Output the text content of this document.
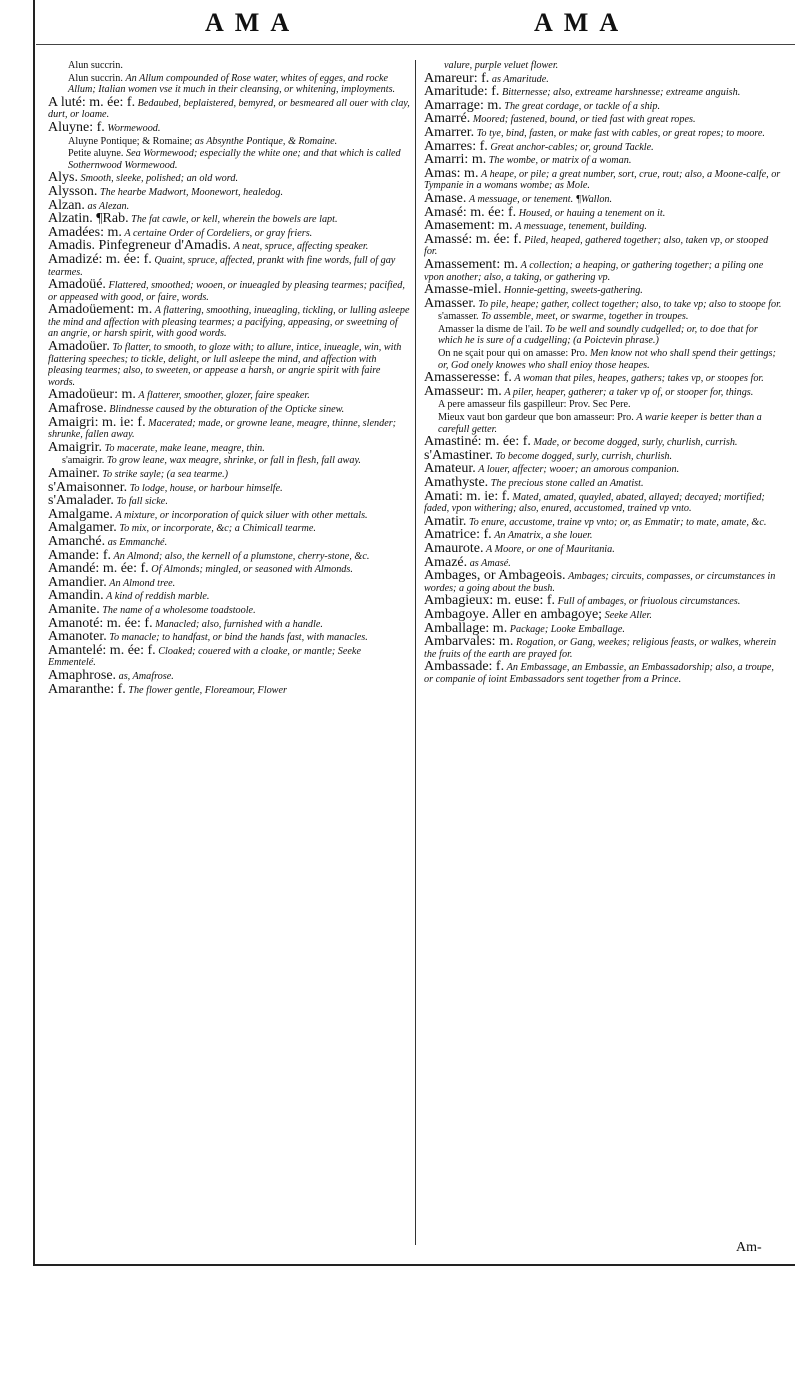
AMA	AMA
Alun succrin.
Alun succrin. An Allum compounded of Rose water, whites of egges, and rocke Allum; Italian women vse it much in their cleansing, or whitening, imployments.
A luté: m. ée: f. Bedaubed, beplaistered, bemyred, or besmeared all ouer with clay, durt, or loame.
Aluyne: f. Wormewood.
Aluyne Pontique; & Romaine; as Absynthe Pontique, & Romaine.
Petite aluyne. Sea Wormewood; especially the white one; and that which is called Sothernwood Wormewood.
Alys. Smooth, sleeke, polished; an old word.
Alysson. The hearbe Madwort, Moonewort, healedog.
Alzan. as Alezan.
Alzatin. ¶Rab. The fat cawle, or kell, wherein the bowels are lapt.
Amadées: m. A certaine Order of Cordeliers, or gray friers.
Amadis. Pinfegreneur d'Amadis. A neat, spruce, affecting speaker.
Amadizé: m. ée: f. Quaint, spruce, affected, prankt with fine words, full of gay tearmes.
Amadoüé. Flattered, smoothed; wooen, or inueagled by pleasing tearmes; pacified, or appeased with good, or faire, words.
Amadoüement: m. A flattering, smoothing, inueagling, tickling, or lulling asleepe the mind and affection with pleasing tearmes; a pacifying, appeasing, or sweetning of an angrie, or harsh spirit, with good words.
Amadoüer. To flatter, to smooth, to gloze with; to allure, intice, inueagle, win, with flattering speeches; to tickle, delight, or lull asleepe the mind, and affection with pleasing tearmes; also, to sweeten, or appease a harsh, or angrie spirit with faire words.
Amadoüeur: m. A flatterer, smoother, glozer, faire speaker.
Amafrose. Blindnesse caused by the obturation of the Opticke sinew.
Amaigri: m. ie: f. Macerated; made, or growne leane, meagre, thinne, slender; shrunke, fallen away.
Amaigrir. To macerate, make leane, meagre, thin.
s'amaigrir. To grow leane, wax meagre, shrinke, or fall in flesh, fall away.
Amainer. To strike sayle; (a sea tearme.)
s'Amaisonner. To lodge, house, or harbour himselfe.
s'Amalader. To fall sicke.
Amalgame. A mixture, or incorporation of quick siluer with other mettals.
Amalgamer. To mix, or incorporate, &c; a Chimicall tearme.
Amanché. as Emmanché.
Amande: f. An Almond; also, the kernell of a plumstone, cherry-stone, &c.
Amandé: m. ée: f. Of Almonds; mingled, or seasoned with Almonds.
Amandier. An Almond tree.
Amandin. A kind of reddish marble.
Amanite. The name of a wholesome toadstoole.
Amanoté: m. ée: f. Manacled; also, furnished with a handle.
Amanoter. To manacle; to handfast, or bind the hands fast, with manacles.
Amantelé: m. ée: f. Cloaked; couered with a cloake, or mantle; Seeke Emmentelé.
Amaphrose. as, Amafrose.
Amaranthe: f. The flower gentle, Floreamour, Flower
valure, purple veluet flower.
Amareur: f. as Amaritude.
Amaritude: f. Bitternesse; also, extreame harshnesse; extreame anguish.
Amarrage: m. The great cordage, or tackle of a ship.
Amarré. Moored; fastened, bound, or tied fast with great ropes.
Amarrer. To tye, bind, fasten, or make fast with cables, or great ropes; to moore.
Amarres: f. Great anchor-cables; or, ground Tackle.
Amarri: m. The wombe, or matrix of a woman.
Amas: m. A heape, or pile; a great number, sort, crue, rout; also, a Moone-calfe, or Tympanie in a womans wombe; as Mole.
Amase. A messuage, or tenement. ¶Wallon.
Amasé: m. ée: f. Housed, or hauing a tenement on it.
Amasement: m. A messuage, tenement, building.
Amassé: m. ée: f. Piled, heaped, gathered together; also, taken vp, or stooped for.
Amassement: m. A collection; a heaping, or gathering together; a piling one vpon another; also, a taking, or gathering vp.
Amasse-miel. Honnie-getting, sweets-gathering.
Amasser. To pile, heape; gather, collect together; also, to take vp; also to stoope for.
s'amasser. To assemble, meet, or swarme, together in troupes.
Amasser la disme de l'ail. To be well and soundly cudgelled; or, to doe that for which he is sure of a cudgelling; (a Poictevin phrase.)
On ne sçait pour qui on amasse: Pro. Men know not who shall spend their gettings; or, God onely knowes who shall enioy those heapes.
Amasseresse: f. A woman that piles, heapes, gathers; takes vp, or stoopes for.
Amasseur: m. A piler, heaper, gatherer; a taker vp of, or stooper for, things.
A pere amasseur fils gaspilleur: Prov. Sec Pere.
Mieux vaut bon gardeur que bon amasseur: Pro. A warie keeper is better than a carefull getter.
Amastiné: m. ée: f. Made, or become dogged, surly, churlish, currish.
s'Amastiner. To become dogged, surly, currish, churlish.
Amateur. A louer, affecter; wooer; an amorous companion.
Amathyste. The precious stone called an Amatist.
Amati: m. ie: f. Mated, amated, quayled, abated, allayed; decayed; mortified; faded, vpon withering; also, enured, accustomed, trained vp vnto.
Amatir. To enure, accustome, traine vp vnto; or, as Emmatir; to mate, amate, &c.
Amatrice: f. An Amatrix, a she louer.
Amaurote. A Moore, or one of Mauritania.
Amazé. as Amasé.
Ambages, or Ambageois. Ambages; circuits, compasses, or circumstances in wordes; a going about the bush.
Ambagieux: m. euse: f. Full of ambages, or friuolous circumstances.
Ambagoye. Aller en ambagoye; Seeke Aller.
Amballage: m. Package; Looke Emballage.
Ambarvales: m. Rogation, or Gang, weekes; religious feasts, or walkes, wherein the fruits of the earth are prayed for.
Ambassade: f. An Embassage, an Embassie, an Embassadorship; also, a troupe, or companie of ioint Embassadors sent together from a Prince.
Am-
